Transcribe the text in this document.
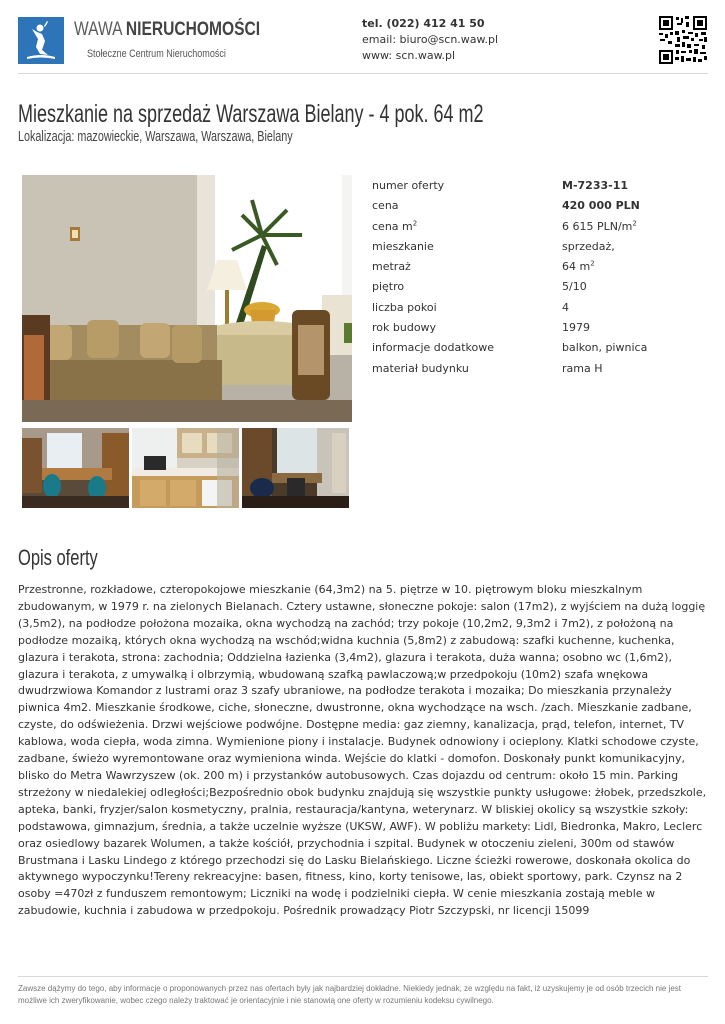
WAWA NIERUCHOMOŚCI
Stołeczne Centrum Nieruchomości
tel. (022) 412 41 50
email: biuro@scn.waw.pl
www: scn.waw.pl
Mieszkanie na sprzedaż Warszawa Bielany - 4 pok. 64 m2
Lokalizacja: mazowieckie, Warszawa, Warszawa, Bielany
numer oferty	M-7233-11
cena	420 000 PLN
cena $m^2$	6 615 PLN/$m^2$
mieszkanie	sprzedaż,
metraż	64 $m^2$
piętro	5/10
liczba pokoi	4
rok budowy	1979
informacje dodatkowe	balkon, piwnica
materiał budynku	rama H
Opis oferty
Przestronne, rozkładowe, czteropokojowe mieszkanie (64,3m2) na 5. piętrze w 10. piętrowym bloku mieszkalnym zbudowanym, w 1979 r. na zielonych Bielanach. Cztery ustawne, słoneczne pokoje: salon (17m2), z wyjściem na dużą loggię (3,5m2), na podłodze położona mozaika, okna wychodzą na zachód; trzy pokoje (10,2m2, 9,3m2 i 7m2), z położoną na podłodze mozaiką, których okna wychodzą na wschód;widna kuchnia (5,8m2) z zabudową: szafki kuchenne, kuchenka, glazura i terakota, strona: zachodnia; Oddzielna łazienka (3,4m2), glazura i terakota, duża wanna; osobno wc (1,6m2), glazura i terakota, z umywalką i olbrzymią, wbudowaną szafką pawlaczową;w przedpokoju (10m2) szafa wnękowa dwudrzwiowa Komandor z lustrami oraz 3 szafy ubraniowe, na podłodze terakota i mozaika; Do mieszkania przynależy piwnica 4m2. Mieszkanie środkowe, ciche, słoneczne, dwustronne, okna wychodzące na wsch. /zach. Mieszkanie zadbane, czyste, do odświeżenia. Drzwi wejściowe podwójne. Dostępne media: gaz ziemny, kanalizacja, prąd, telefon, internet, TV kablowa, woda ciepła, woda zimna. Wymienione piony i instalacje. Budynek odnowiony i ocieplony. Klatki schodowe czyste, zadbane, świeżo wyremontowane oraz wymieniona winda. Wejście do klatki - domofon. Doskonały punkt komunikacyjny, blisko do Metra Wawrzyszew (ok. 200 m) i przystanków autobusowych. Czas dojazdu od centrum: około 15 min. Parking strzeżony w niedalekiej odległości;Bezpośrednio obok budynku znajdują się wszystkie punkty usługowe: żłobek, przedszkole, apteka, banki, fryzjer/salon kosmetyczny, pralnia, restauracja/kantyna, weterynarz. W bliskiej okolicy są wszystkie szkoły: podstawowa, gimnazjum, średnia, a także uczelnie wyższe (UKSW, AWF). W pobliżu markety: Lidl, Biedronka, Makro, Leclerc oraz osiedlowy bazarek Wolumen, a także kościół, przychodnia i szpital. Budynek w otoczeniu zieleni, 300m od stawów Brustmana i Lasku Lindego z którego przechodzi się do Lasku Bielańskiego. Liczne ścieżki rowerowe, doskonała okolica do aktywnego wypoczynku!Tereny rekreacyjne: basen, fitness, kino, korty tenisowe, las, obiekt sportowy, park. Czynsz na 2 osoby =470zł z funduszem remontowym; Liczniki na wodę i podzielniki ciepła. W cenie mieszkania zostają meble w zabudowie, kuchnia i zabudowa w przedpokoju. Pośrednik prowadzący Piotr Szczypski, nr licencji 15099
Zawsze dążymy do tego, aby informacje o proponowanych przez nas ofertach były jak najbardziej dokładne. Niekiedy jednak, ze względu na fakt, iż uzyskujemy je od osób trzecich nie jest możliwe ich zweryfikowanie, wobec czego należy traktować je orientacyjnie i nie stanowią one oferty w rozumieniu kodeksu cywilnego.
